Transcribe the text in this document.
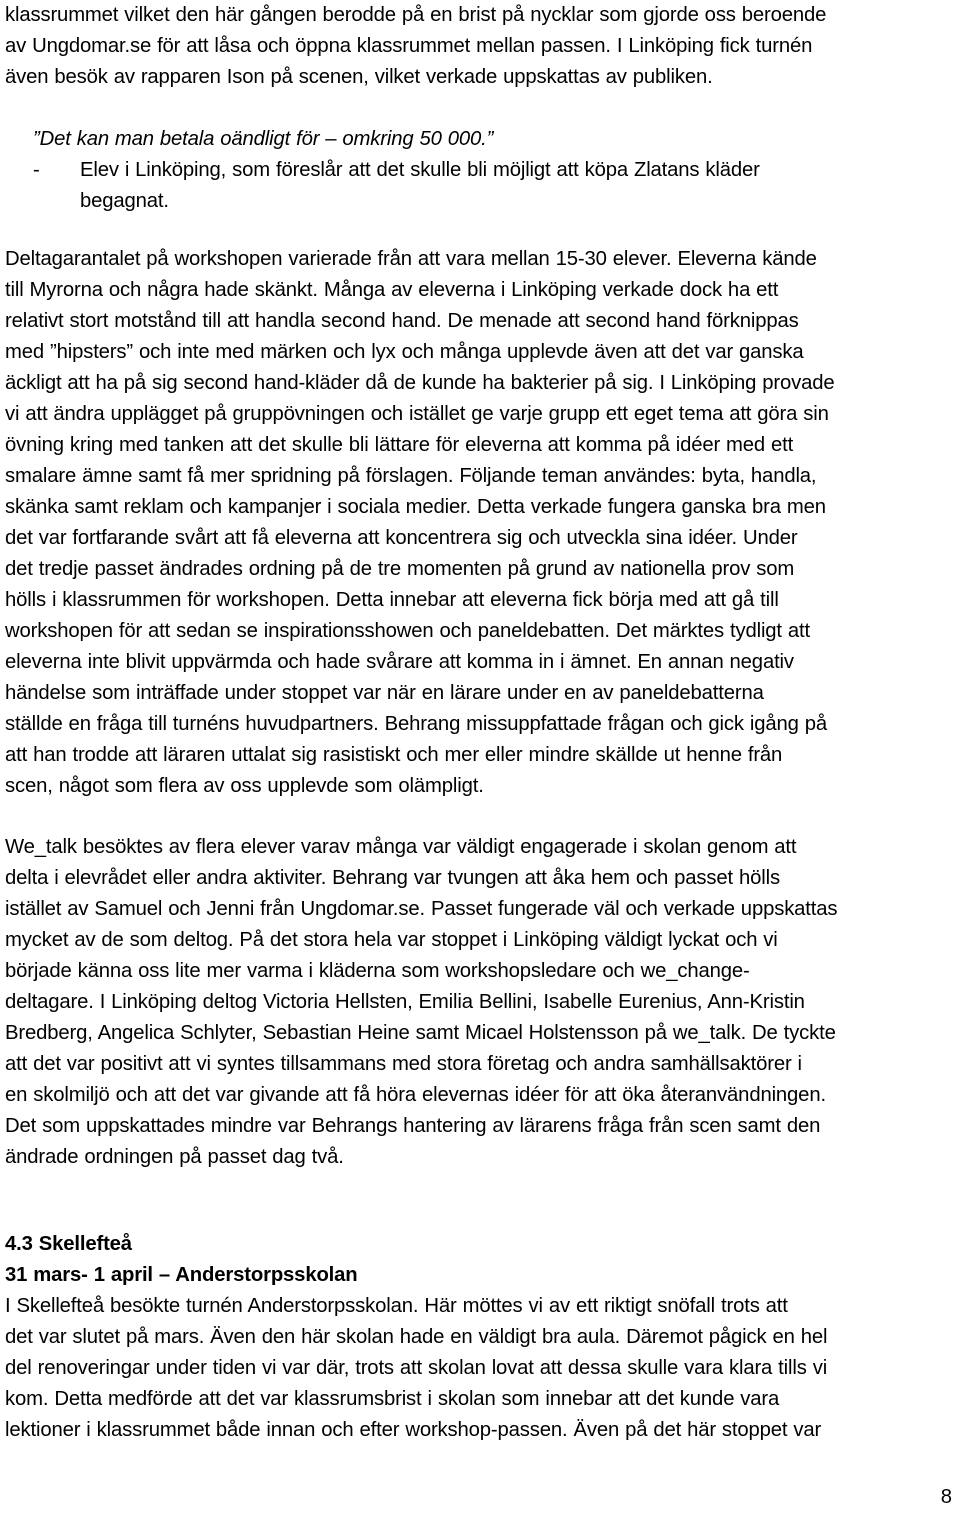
klassrummet vilket den här gången berodde på en brist på nycklar som gjorde oss beroende
av Ungdomar.se för att låsa och öppna klassrummet mellan passen. I Linköping fick turnén
även besök av rapparen Ison på scenen, vilket verkade uppskattas av publiken.

”Det kan man betala oändligt för – omkring 50 000.”

- Elev i Linköping, som föreslår att det skulle bli möjligt att köpa Zlatans kläder
begagnat.

Deltagarantalet på workshopen varierade från att vara mellan 15-30 elever. Eleverna kände
till Myrorna och några hade skänkt. Många av eleverna i Linköping verkade dock ha ett
relativt stort motstånd till att handla second hand. De menade att second hand förknippas
med ”hipsters” och inte med märken och lyx och många upplevde även att det var ganska
äckligt att ha på sig second hand-kläder då de kunde ha bakterier på sig. I Linköping provade
vi att ändra upplägget på gruppövningen och istället ge varje grupp ett eget tema att göra sin
övning kring med tanken att det skulle bli lättare för eleverna att komma på idéer med ett
smalare ämne samt få mer spridning på förslagen. Följande teman användes: byta, handla,
skänka samt reklam och kampanjer i sociala medier. Detta verkade fungera ganska bra men
det var fortfarande svårt att få eleverna att koncentrera sig och utveckla sina idéer. Under
det tredje passet ändrades ordning på de tre momenten på grund av nationella prov som
hölls i klassrummen för workshopen. Detta innebar att eleverna fick börja med att gå till
workshopen för att sedan se inspirationsshowen och paneldebatten. Det märktes tydligt att
eleverna inte blivit uppvärmda och hade svårare att komma in i ämnet. En annan negativ
händelse som inträffade under stoppet var när en lärare under en av paneldebatterna
ställde en fråga till turnéns huvudpartners. Behrang missuppfattade frågan och gick igång på
att han trodde att läraren uttalat sig rasistiskt och mer eller mindre skällde ut henne från
scen, något som flera av oss upplevde som olämpligt.

We_talk besöktes av flera elever varav många var väldigt engagerade i skolan genom att
delta i elevrådet eller andra aktiviter. Behrang var tvungen att åka hem och passet hölls
istället av Samuel och Jenni från Ungdomar.se. Passet fungerade väl och verkade uppskattas
mycket av de som deltog. På det stora hela var stoppet i Linköping väldigt lyckat och vi
började känna oss lite mer varma i kläderna som workshopsledare och we_change-
deltagare. I Linköping deltog Victoria Hellsten, Emilia Bellini, Isabelle Eurenius, Ann-Kristin
Bredberg, Angelica Schlyter, Sebastian Heine samt Micael Holstensson på we_talk. De tyckte
att det var positivt att vi syntes tillsammans med stora företag och andra samhällsaktörer i
en skolmiljö och att det var givande att få höra elevernas idéer för att öka återanvändningen.
Det som uppskattades mindre var Behrangs hantering av lärarens fråga från scen samt den
ändrade ordningen på passet dag två.

4.3 Skellefteå

31 mars- 1 april – Anderstorpsskolan

I Skellefteå besökte turnén Anderstorpsskolan. Här möttes vi av ett riktigt snöfall trots att
det var slutet på mars. Även den här skolan hade en väldigt bra aula. Däremot pågick en hel
del renoveringar under tiden vi var där, trots att skolan lovat att dessa skulle vara klara tills vi
kom. Detta medförde att det var klassrumsbrist i skolan som innebar att det kunde vara
lektioner i klassrummet både innan och efter workshop-passen. Även på det här stoppet var

8
